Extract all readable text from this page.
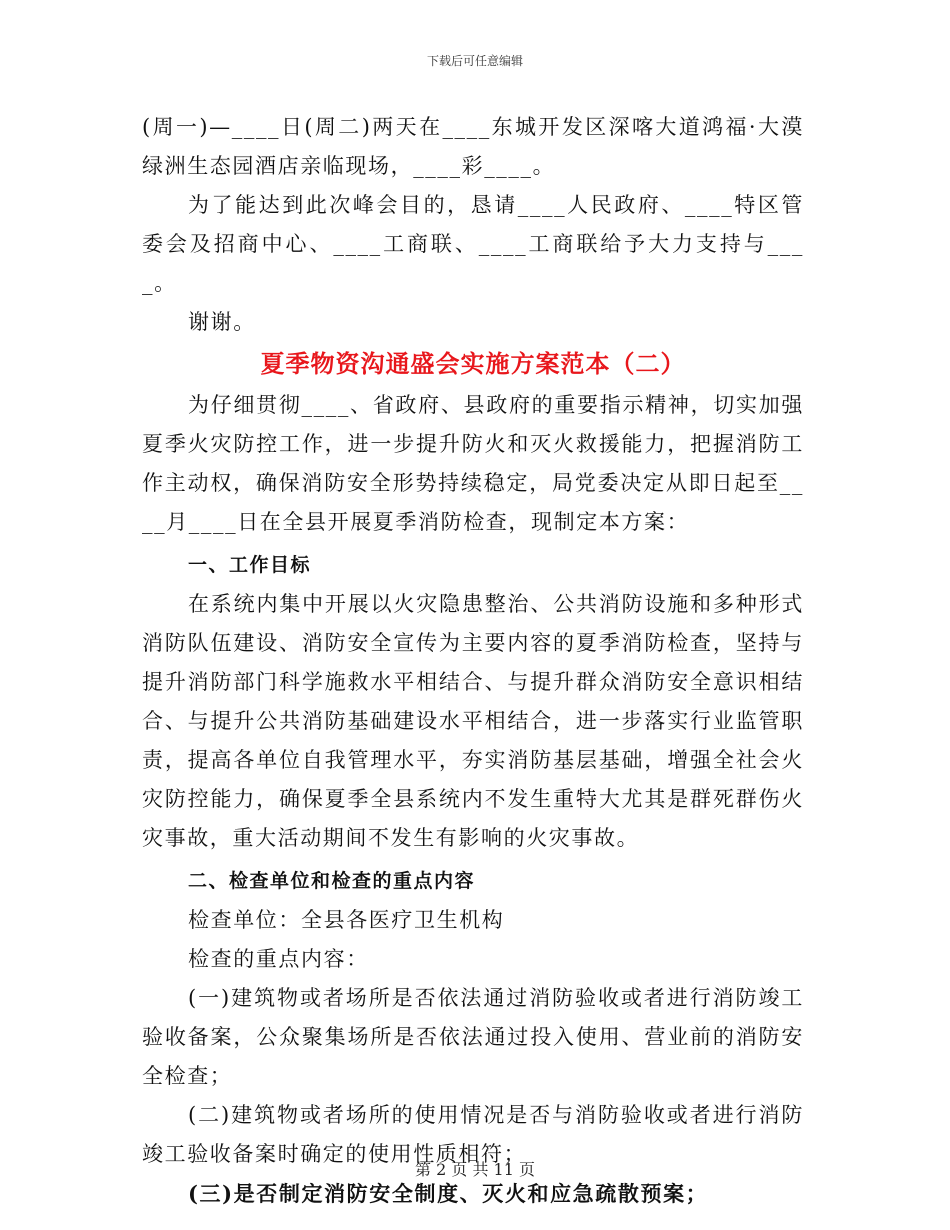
下载后可任意编辑

(周一)—____日(周二)两天在____东城开发区深喀大道鸿福·大漠绿洲生态园酒店亲临现场，____彩____。

为了能达到此次峰会目的，恳请____人民政府、____特区管委会及招商中心、____工商联、____工商联给予大力支持与____。

谢谢。

夏季物资沟通盛会实施方案范本（二）

为仔细贯彻____、省政府、县政府的重要指示精神，切实加强夏季火灾防控工作，进一步提升防火和灭火救援能力，把握消防工作主动权，确保消防安全形势持续稳定，局党委决定从即日起至____月____日在全县开展夏季消防检查，现制定本方案：

一、工作目标

在系统内集中开展以火灾隐患整治、公共消防设施和多种形式消防队伍建设、消防安全宣传为主要内容的夏季消防检查，坚持与提升消防部门科学施救水平相结合、与提升群众消防安全意识相结合、与提升公共消防基础建设水平相结合，进一步落实行业监管职责，提高各单位自我管理水平，夯实消防基层基础，增强全社会火灾防控能力，确保夏季全县系统内不发生重特大尤其是群死群伤火灾事故，重大活动期间不发生有影响的火灾事故。

二、检查单位和检查的重点内容

检查单位：全县各医疗卫生机构

检查的重点内容：

(一)建筑物或者场所是否依法通过消防验收或者进行消防竣工验收备案，公众聚集场所是否依法通过投入使用、营业前的消防安全检查；

(二)建筑物或者场所的使用情况是否与消防验收或者进行消防竣工验收备案时确定的使用性质相符；

(三)是否制定消防安全制度、灭火和应急疏散预案；

第 2 页 共 11 页
